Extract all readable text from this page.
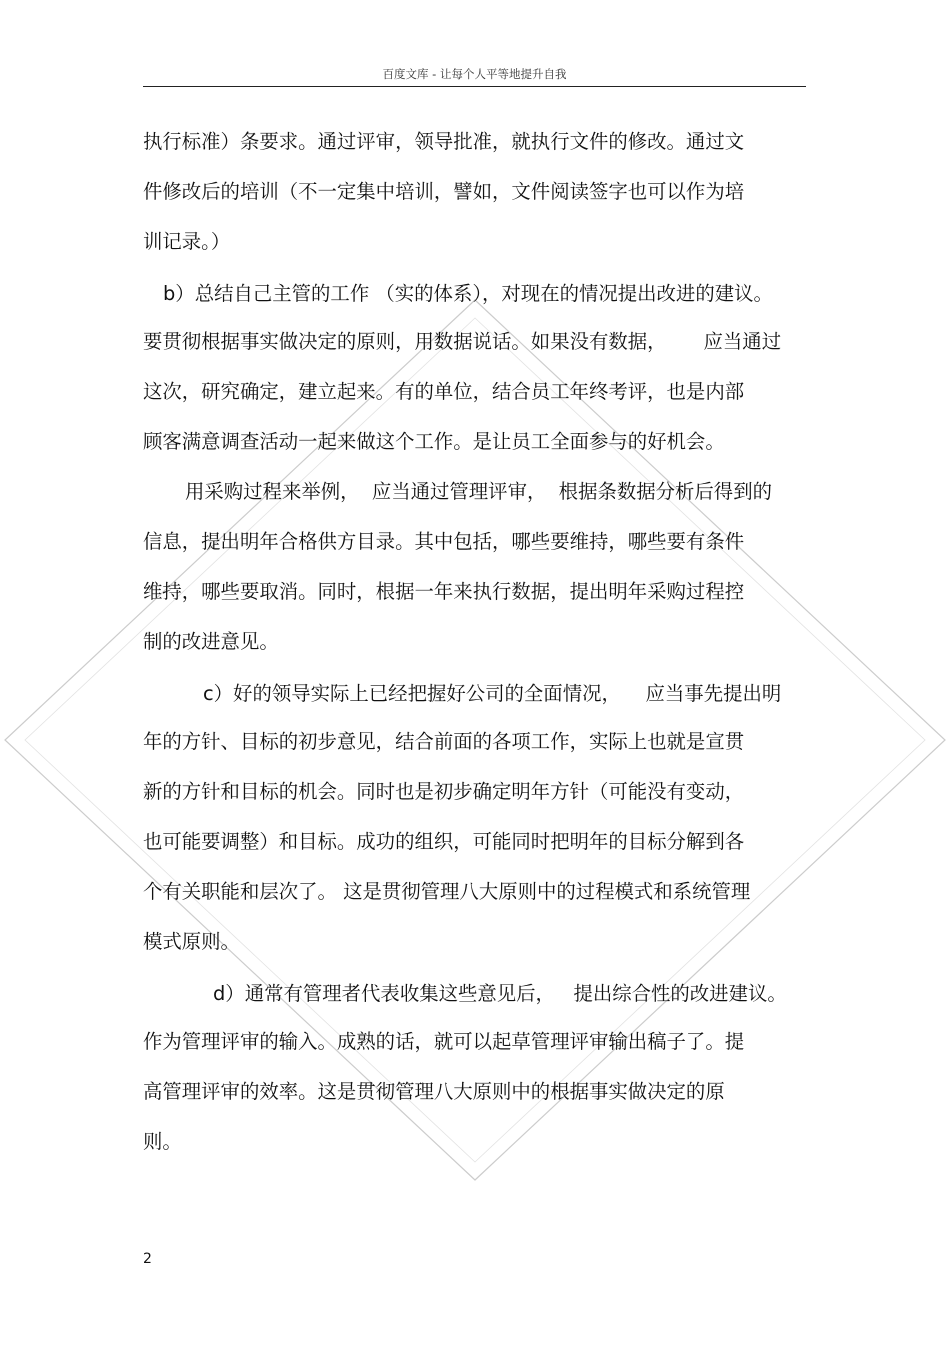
百度文库 - 让每个人平等地提升自我
执行标准）条要求。通过评审，领导批准，就执行文件的修改。通过文
件修改后的培训（不一定集中培训，譬如，文件阅读签字也可以作为培
训记录。）
b）总结自己主管的工作 （实的体系），对现在的情况提出改进的建议。
要贯彻根据事实做决定的原则，用数据说话。如果没有数据，      应当通过
这次，研究确定，建立起来。有的单位，结合员工年终考评，也是内部
顾客满意调查活动一起来做这个工作。是让员工全面参与的好机会。
用采购过程来举例，  应当通过管理评审，  根据条数据分析后得到的
信息，提出明年合格供方目录。其中包括，哪些要维持，哪些要有条件
维持，哪些要取消。同时，根据一年来执行数据，提出明年采购过程控
制的改进意见。
c）好的领导实际上已经把握好公司的全面情况，    应当事先提出明
年的方针、目标的初步意见，结合前面的各项工作，实际上也就是宣贯
新的方针和目标的机会。同时也是初步确定明年方针（可能没有变动，
也可能要调整）和目标。成功的组织，可能同时把明年的目标分解到各
个有关职能和层次了。 这是贯彻管理八大原则中的过程模式和系统管理
模式原则。
d）通常有管理者代表收集这些意见后，   提出综合性的改进建议。
作为管理评审的输入。成熟的话，就可以起草管理评审输出稿子了。提
高管理评审的效率。这是贯彻管理八大原则中的根据事实做决定的原
则。
2
